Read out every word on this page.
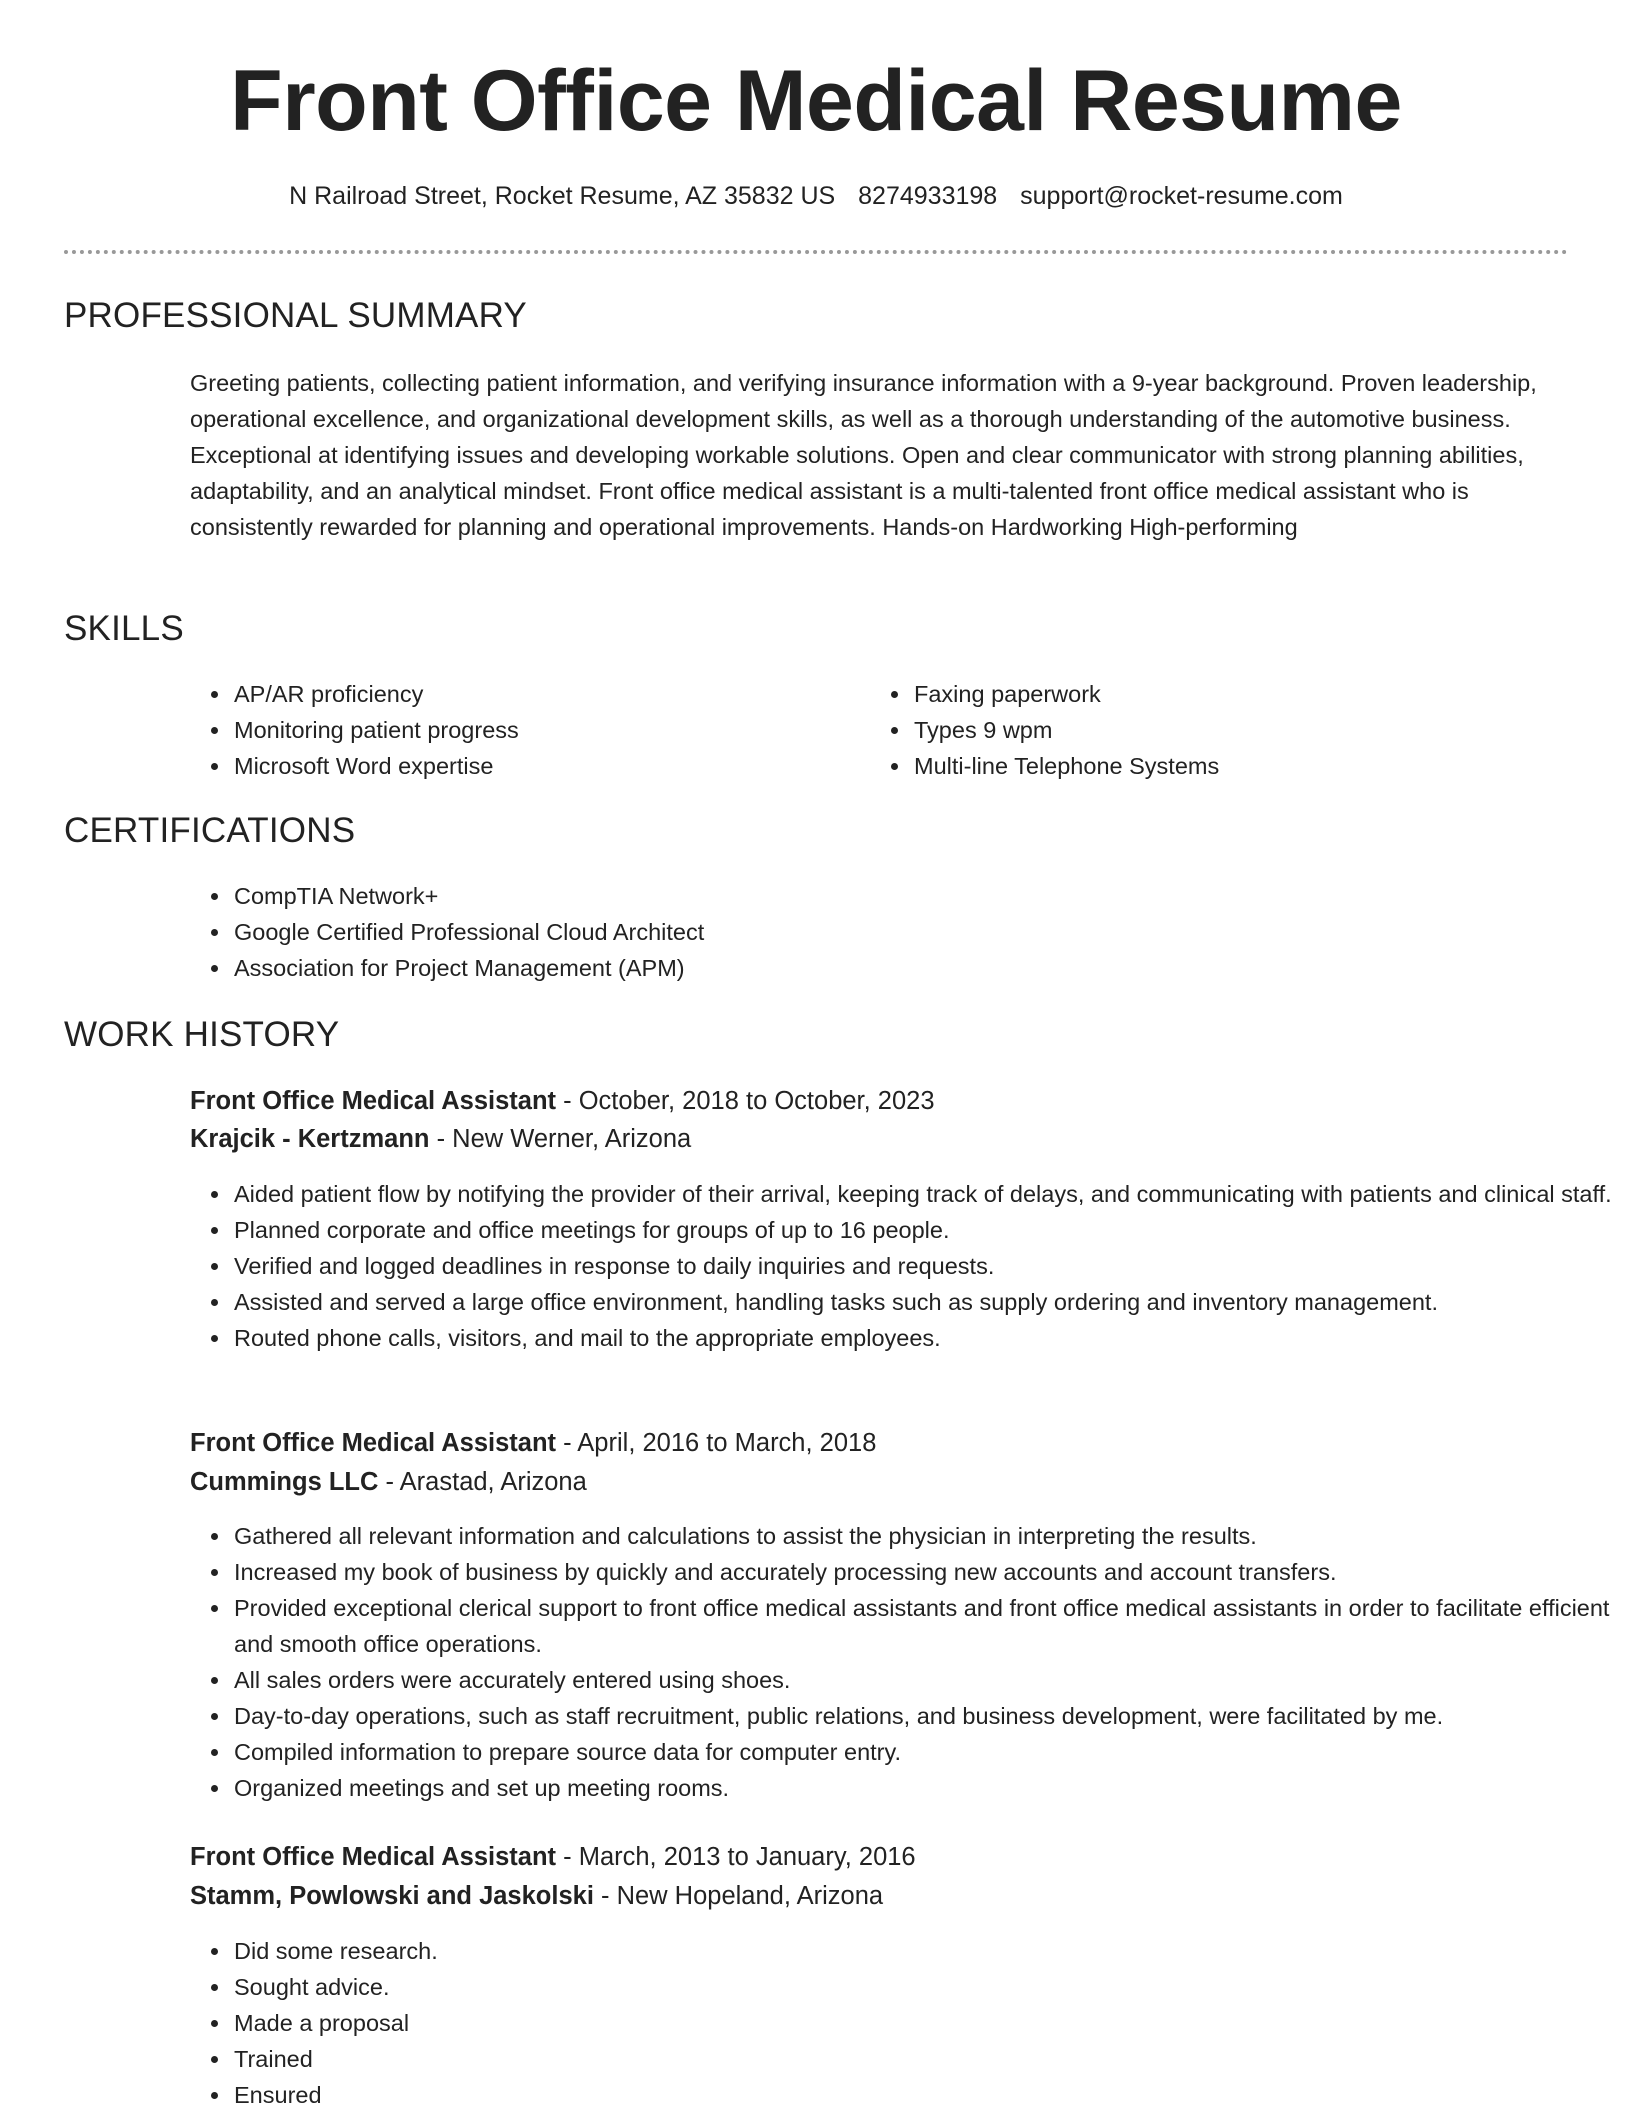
Front Office Medical Resume
N Railroad Street, Rocket Resume, AZ 35832 US 8274933198 support@rocket-resume.com
PROFESSIONAL SUMMARY

Greeting patients, collecting patient information, and verifying insurance information with a 9-year background. Proven leadership, operational excellence, and organizational development skills, as well as a thorough understanding of the automotive business. Exceptional at identifying issues and developing workable solutions. Open and clear communicator with strong planning abilities, adaptability, and an analytical mindset. Front office medical assistant is a multi-talented front office medical assistant who is consistently rewarded for planning and operational improvements. Hands-on Hardworking High-performing

SKILLS
• AP/AR proficiency
• Monitoring patient progress
• Microsoft Word expertise
• Faxing paperwork
• Types 9 wpm
• Multi-line Telephone Systems
CERTIFICATIONS
• CompTIA Network+
• Google Certified Professional Cloud Architect
• Association for Project Management (APM)
WORK HISTORY
Front Office Medical Assistant - October, 2018 to October, 2023
Krajcik - Kertzmann - New Werner, Arizona
• Aided patient flow by notifying the provider of their arrival, keeping track of delays, and communicating with patients and clinical staff.
• Planned corporate and office meetings for groups of up to 16 people.
• Verified and logged deadlines in response to daily inquiries and requests.
• Assisted and served a large office environment, handling tasks such as supply ordering and inventory management.
• Routed phone calls, visitors, and mail to the appropriate employees.
Front Office Medical Assistant - April, 2016 to March, 2018
Cummings LLC - Arastad, Arizona
• Gathered all relevant information and calculations to assist the physician in interpreting the results.
• Increased my book of business by quickly and accurately processing new accounts and account transfers.
• Provided exceptional clerical support to front office medical assistants and front office medical assistants in order to facilitate efficient and smooth office operations.
• All sales orders were accurately entered using shoes.
• Day-to-day operations, such as staff recruitment, public relations, and business development, were facilitated by me.
• Compiled information to prepare source data for computer entry.
• Organized meetings and set up meeting rooms.
Front Office Medical Assistant - March, 2013 to January, 2016
Stamm, Powlowski and Jaskolski - New Hopeland, Arizona
• Did some research.
• Sought advice.
• Made a proposal
• Trained
• Ensured
